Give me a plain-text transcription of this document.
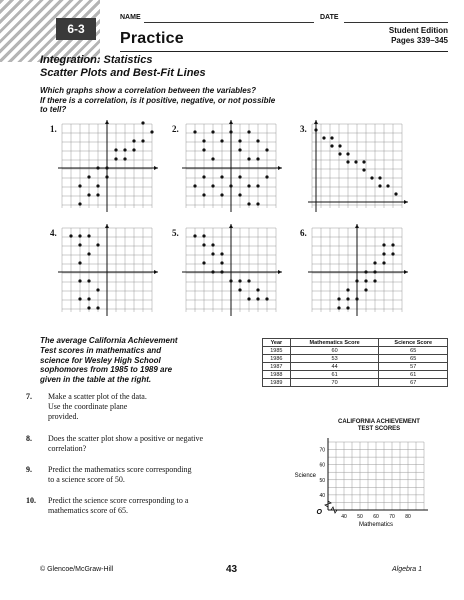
6-3
NAME	DATE
Practice	Student Edition
Pages 339–345
Integration: Statistics
Scatter Plots and Best-Fit Lines
Which graphs show a correlation between the variables?
If there is a correlation, is it positive, negative, or not possible
to tell?
1.	2.	3.
4.	5.	6.
The average California Achievement
Test scores in mathematics and
science for Wesley High School
sophomores from 1985 to 1989 are
given in the table at the right.
Year	Mathematics Score	Science Score
1985	60	65
1986	53	65
1987	44	57
1988	61	61
1989	70	67
7. Make a scatter plot of the data.
Use the coordinate plane
provided.
8. Does the scatter plot show a positive or negative
correlation?
9. Predict the mathematics score corresponding
to a science score of 50.
10. Predict the science score corresponding to a
mathematics score of 65.
CALIFORNIA ACHIEVEMENT
TEST SCORES
40 50 60 70 80
70
60
50
40
Mathematics
Science
O
© Glencoe/McGraw-Hill	43	Algebra 1
